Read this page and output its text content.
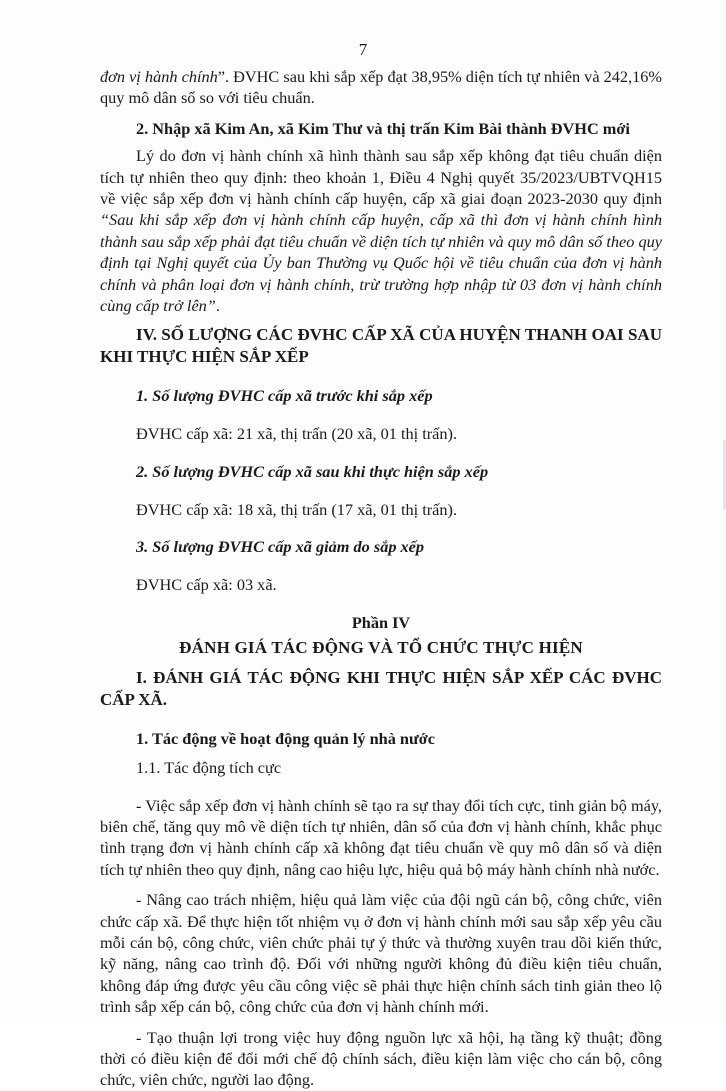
7

đơn vị hành chính”. ĐVHC sau khi sắp xếp đạt 38,95% diện tích tự nhiên và 242,16% quy mô dân số so với tiêu chuẩn.

2. Nhập xã Kim An, xã Kim Thư và thị trấn Kim Bài thành ĐVHC mới

Lý do đơn vị hành chính xã hình thành sau sắp xếp không đạt tiêu chuẩn diện tích tự nhiên theo quy định: theo khoản 1, Điều 4 Nghị quyết 35/2023/UBTVQH15 về việc sắp xếp đơn vị hành chính cấp huyện, cấp xã giai đoạn 2023-2030 quy định “Sau khi sắp xếp đơn vị hành chính cấp huyện, cấp xã thì đơn vị hành chính hình thành sau sắp xếp phải đạt tiêu chuẩn về diện tích tự nhiên và quy mô dân số theo quy định tại Nghị quyết của Ủy ban Thường vụ Quốc hội về tiêu chuẩn của đơn vị hành chính và phân loại đơn vị hành chính, trừ trường hợp nhập từ 03 đơn vị hành chính cùng cấp trở lên”.

IV. SỐ LƯỢNG CÁC ĐVHC CẤP XÃ CỦA HUYỆN THANH OAI SAU KHI THỰC HIỆN SẮP XẾP

1. Số lượng ĐVHC cấp xã trước khi sắp xếp

ĐVHC cấp xã: 21 xã, thị trấn (20 xã, 01 thị trấn).

2. Số lượng ĐVHC cấp xã sau khi thực hiện sắp xếp

ĐVHC cấp xã: 18 xã, thị trấn (17 xã, 01 thị trấn).

3. Số lượng ĐVHC cấp xã giảm do sắp xếp

ĐVHC cấp xã: 03 xã.

Phần IV

ĐÁNH GIÁ TÁC ĐỘNG VÀ TỔ CHỨC THỰC HIỆN

I. ĐÁNH GIÁ TÁC ĐỘNG KHI THỰC HIỆN SẮP XẾP CÁC ĐVHC CẤP XÃ.

1. Tác động về hoạt động quản lý nhà nước

1.1. Tác động tích cực

- Việc sắp xếp đơn vị hành chính sẽ tạo ra sự thay đổi tích cực, tinh giản bộ máy, biên chế, tăng quy mô về diện tích tự nhiên, dân số của đơn vị hành chính, khắc phục tình trạng đơn vị hành chính cấp xã không đạt tiêu chuẩn về quy mô dân số và diện tích tự nhiên theo quy định, nâng cao hiệu lực, hiệu quả bộ máy hành chính nhà nước.

- Nâng cao trách nhiệm, hiệu quả làm việc của đội ngũ cán bộ, công chức, viên chức cấp xã. Để thực hiện tốt nhiệm vụ ở đơn vị hành chính mới sau sắp xếp yêu cầu mỗi cán bộ, công chức, viên chức phải tự ý thức và thường xuyên trau dồi kiến thức, kỹ năng, nâng cao trình độ. Đối với những người không đủ điều kiện tiêu chuẩn, không đáp ứng được yêu cầu công việc sẽ phải thực hiện chính sách tinh giản theo lộ trình sắp xếp cán bộ, công chức của đơn vị hành chính mới.

- Tạo thuận lợi trong việc huy động nguồn lực xã hội, hạ tầng kỹ thuật; đồng thời có điều kiện để đổi mới chế độ chính sách, điều kiện làm việc cho cán bộ, công chức, viên chức, người lao động.
